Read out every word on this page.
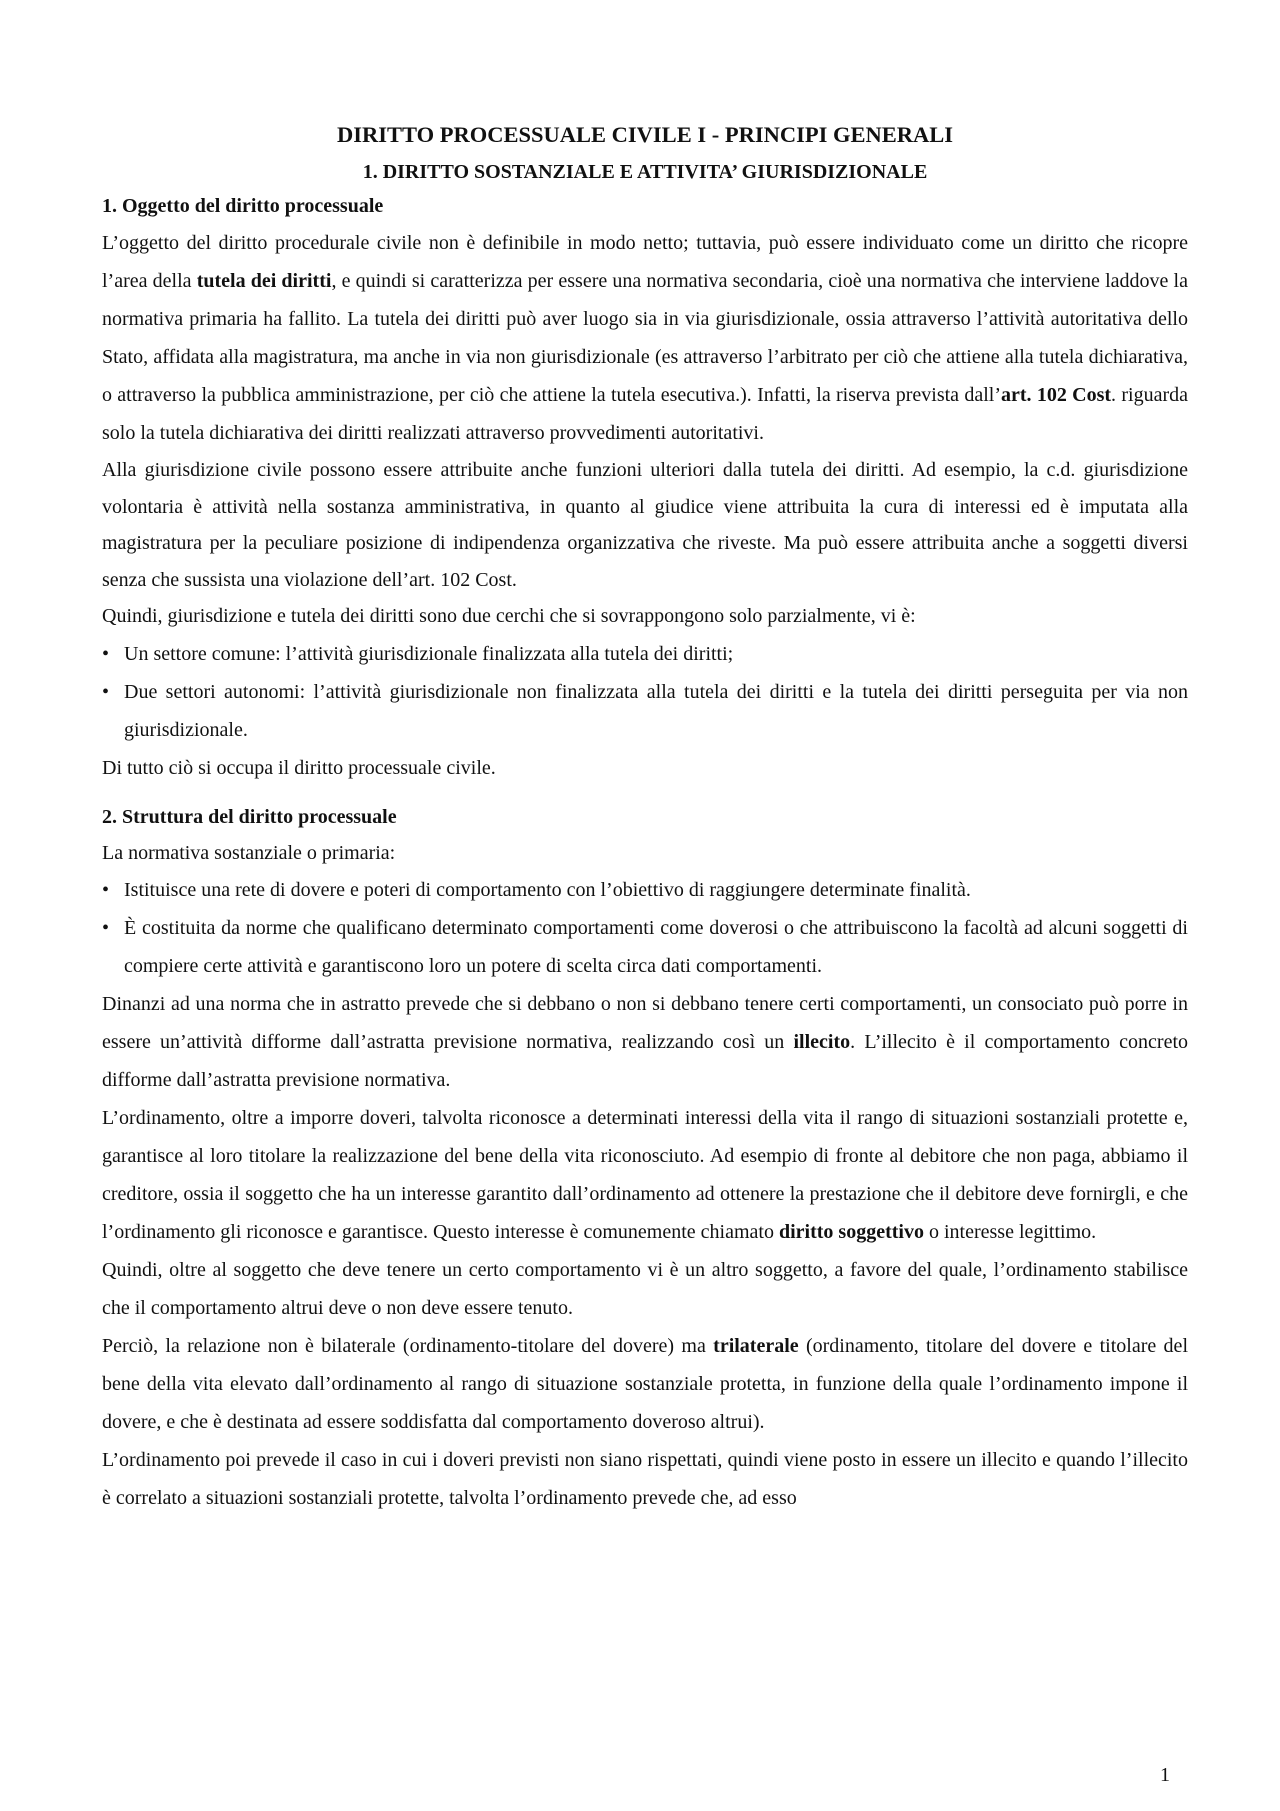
DIRITTO PROCESSUALE CIVILE I - PRINCIPI GENERALI
1. DIRITTO SOSTANZIALE E ATTIVITA’ GIURISDIZIONALE
1. Oggetto del diritto processuale

L’oggetto del diritto procedurale civile non è definibile in modo netto; tuttavia, può essere individuato come un diritto che ricopre l’area della tutela dei diritti, e quindi si caratterizza per essere una normativa secondaria, cioè una normativa che interviene laddove la normativa primaria ha fallito. La tutela dei diritti può aver luogo sia in via giurisdizionale, ossia attraverso l’attività autoritativa dello Stato, affidata alla magistratura, ma anche in via non giurisdizionale (es attraverso l’arbitrato per ciò che attiene alla tutela dichiarativa, o attraverso la pubblica amministrazione, per ciò che attiene la tutela esecutiva.). Infatti, la riserva prevista dall’art. 102 Cost. riguarda solo la tutela dichiarativa dei diritti realizzati attraverso provvedimenti autoritativi.

Alla giurisdizione civile possono essere attribuite anche funzioni ulteriori dalla tutela dei diritti. Ad esempio, la c.d. giurisdizione volontaria è attività nella sostanza amministrativa, in quanto al giudice viene attribuita la cura di interessi ed è imputata alla magistratura per la peculiare posizione di indipendenza organizzativa che riveste. Ma può essere attribuita anche a soggetti diversi senza che sussista una violazione dell’art. 102 Cost.

Quindi, giurisdizione e tutela dei diritti sono due cerchi che si sovrappongono solo parzialmente, vi è:

• Un settore comune: l’attività giurisdizionale finalizzata alla tutela dei diritti;
• Due settori autonomi: l’attività giurisdizionale non finalizzata alla tutela dei diritti e la tutela dei diritti perseguita per via non giurisdizionale.

Di tutto ciò si occupa il diritto processuale civile.

2. Struttura del diritto processuale

La normativa sostanziale o primaria:

• Istituisce una rete di dovere e poteri di comportamento con l’obiettivo di raggiungere determinate finalità.
• È costituita da norme che qualificano determinato comportamenti come doverosi o che attribuiscono la facoltà ad alcuni soggetti di compiere certe attività e garantiscono loro un potere di scelta circa dati comportamenti.

Dinanzi ad una norma che in astratto prevede che si debbano o non si debbano tenere certi comportamenti, un consociato può porre in essere un’attività difforme dall’astratta previsione normativa, realizzando così un illecito. L’illecito è il comportamento concreto difforme dall’astratta previsione normativa.

L’ordinamento, oltre a imporre doveri, talvolta riconosce a determinati interessi della vita il rango di situazioni sostanziali protette e, garantisce al loro titolare la realizzazione del bene della vita riconosciuto. Ad esempio di fronte al debitore che non paga, abbiamo il creditore, ossia il soggetto che ha un interesse garantito dall’ordinamento ad ottenere la prestazione che il debitore deve fornirgli, e che l’ordinamento gli riconosce e garantisce. Questo interesse è comunemente chiamato diritto soggettivo o interesse legittimo.

Quindi, oltre al soggetto che deve tenere un certo comportamento vi è un altro soggetto, a favore del quale, l’ordinamento stabilisce che il comportamento altrui deve o non deve essere tenuto.

Perciò, la relazione non è bilaterale (ordinamento-titolare del dovere) ma trilaterale (ordinamento, titolare del dovere e titolare del bene della vita elevato dall’ordinamento al rango di situazione sostanziale protetta, in funzione della quale l’ordinamento impone il dovere, e che è destinata ad essere soddisfatta dal comportamento doveroso altrui).

L’ordinamento poi prevede il caso in cui i doveri previsti non siano rispettati, quindi viene posto in essere un illecito e quando l’illecito è correlato a situazioni sostanziali protette, talvolta l’ordinamento prevede che, ad esso

1
